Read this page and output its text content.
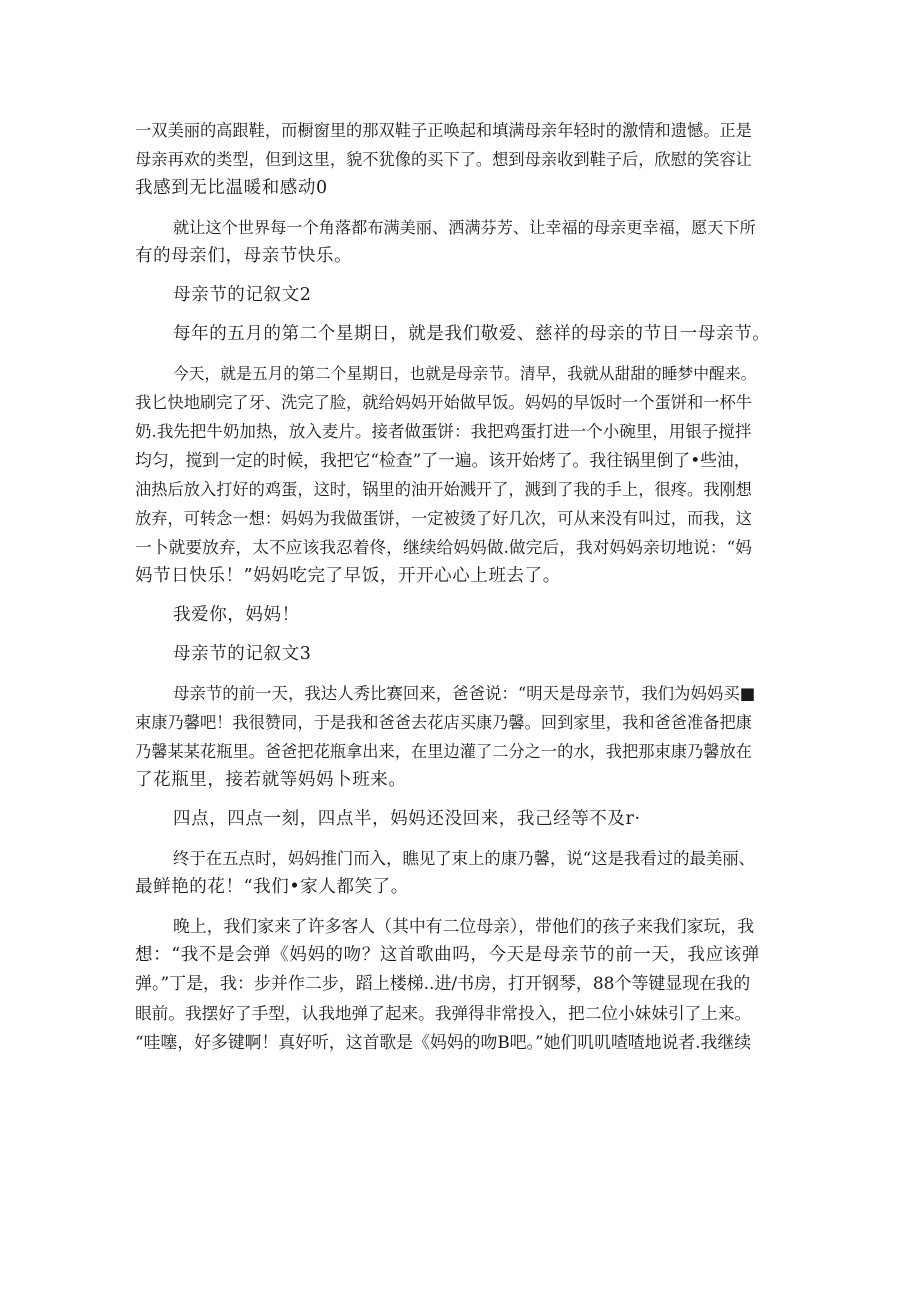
一双美丽的高跟鞋，而橱窗里的那双鞋子正唤起和填满母亲年轻时的激情和遗憾。正是
母亲再欢的类型，但到这里，貌不犹像的买下了。想到母亲收到鞋子后，欣慰的笑容让
我感到无比温暖和感动0
就让这个世界每一个角落都布满美丽、洒满芬芳、让幸福的母亲更幸福，愿天下所
有的母亲们，母亲节快乐。
母亲节的记叙文2
每年的五月的第二个星期日，就是我们敬爱、慈祥的母亲的节日一母亲节。
今天，就是五月的第二个星期日，也就是母亲节。清早，我就从甜甜的睡梦中醒来。
我匕快地刷完了牙、洗完了脸，就给妈妈开始做早饭。妈妈的早饭时一个蛋饼和一杯牛
奶.我先把牛奶加热，放入麦片。接者做蛋饼：我把鸡蛋打进一个小碗里，用银子搅拌
均匀，搅到一定的时候，我把它“检查”了一遍。该开始烤了。我往锅里倒了•些油，
油热后放入打好的鸡蛋，这时，锅里的油开始溅开了，溅到了我的手上，很疼。我刚想
放弃，可转念一想：妈妈为我做蛋饼，一定被烫了好几次，可从来没有叫过，而我，这
一卜就要放弃，太不应该我忍着佟，继续给妈妈做.做完后，我对妈妈亲切地说：“妈
妈节日快乐！”妈妈吃完了早饭，开开心心上班去了。
我爱你，妈妈！
母亲节的记叙文3
母亲节的前一天，我达人秀比赛回来，爸爸说：“明天是母亲节，我们为妈妈买■
束康乃馨吧！我很赞同，于是我和爸爸去花店买康乃馨。回到家里，我和爸爸准备把康
乃馨某某花瓶里。爸爸把花瓶拿出来，在里边灌了二分之一的水，我把那束康乃馨放在
了花瓶里，接若就等妈妈卜班来。
四点，四点一刻，四点半，妈妈还没回来，我己经等不及r·
终于在五点时，妈妈推门而入，瞧见了束上的康乃馨，说“这是我看过的最美丽、
最鲜艳的花！“我们•家人都笑了。
晚上，我们家来了许多客人（其中有二位母亲），带他们的孩子来我们家玩，我
想：“我不是会弹《妈妈的吻？这首歌曲吗，今天是母亲节的前一天，我应该弹
弹。”丁是，我：步并作二步，蹈上楼梯..进/书房，打开钢琴，88个等键显现在我的
眼前。我摆好了手型，认我地弹了起来。我弹得非常投入，把二位小妹妹引了上来。
“哇噻，好多键啊！真好听，这首歌是《妈妈的吻B吧。”她们叽叽喳喳地说者.我继续
